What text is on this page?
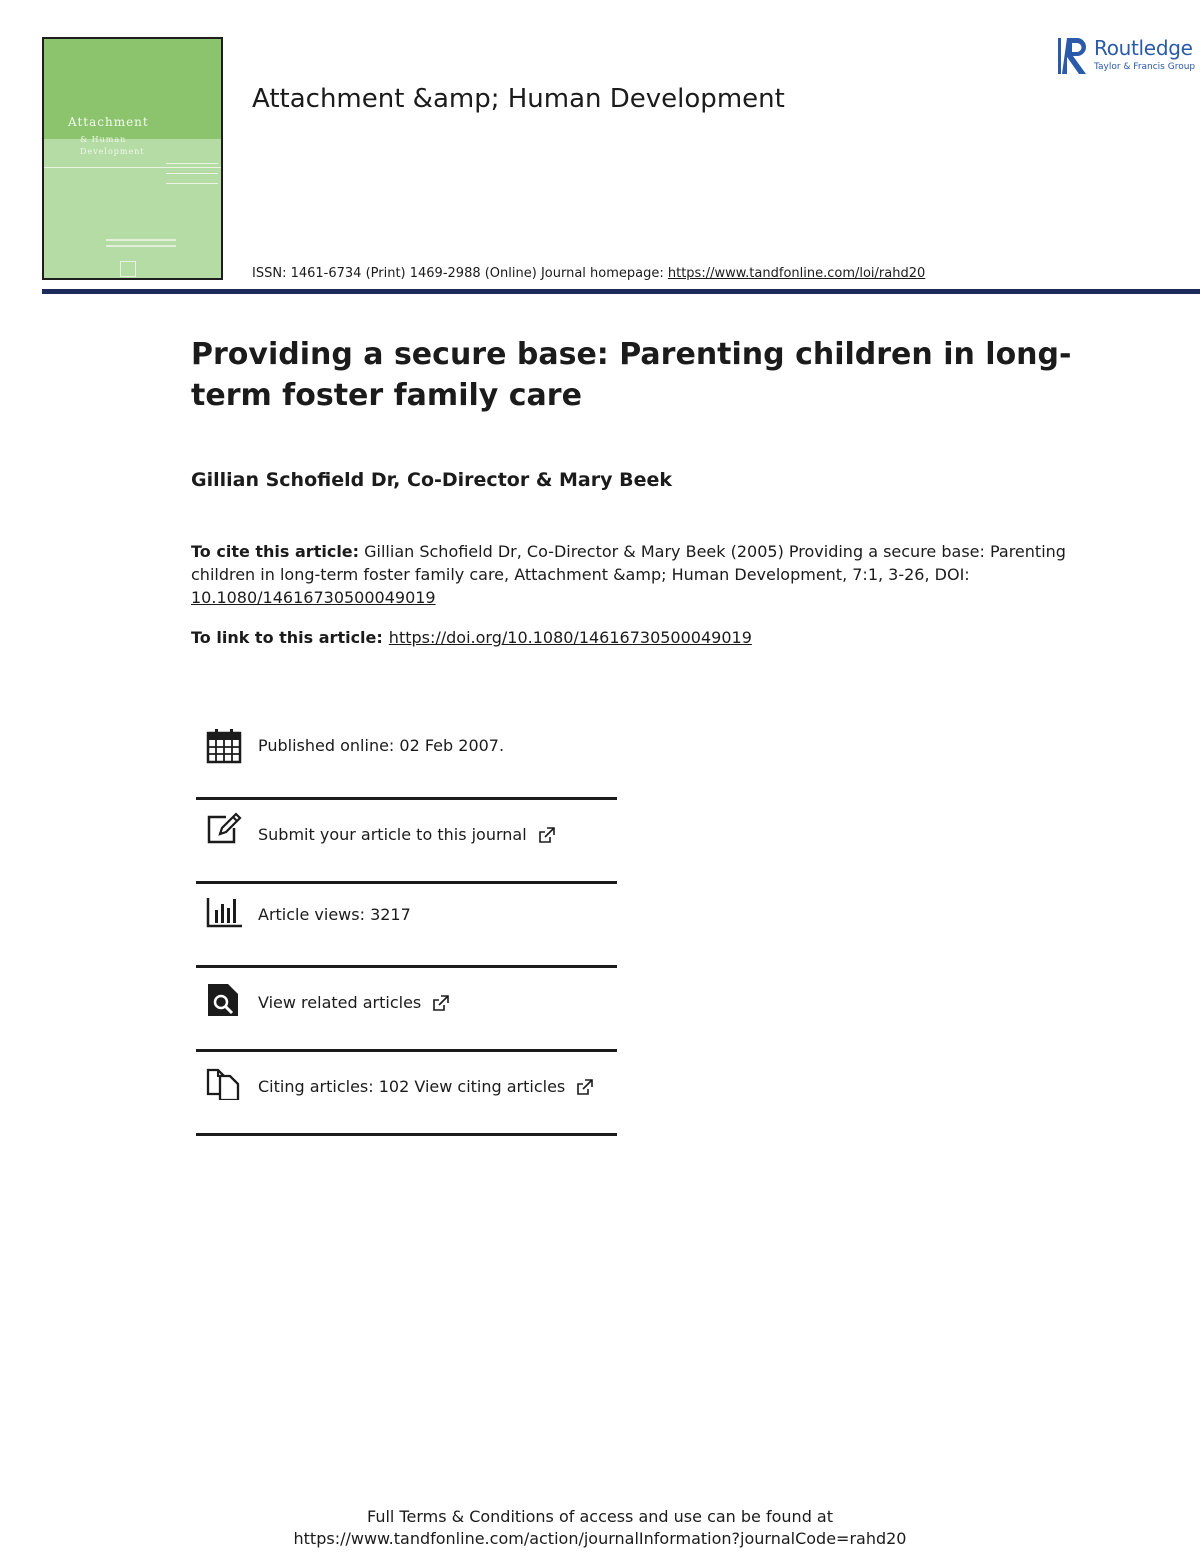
Attachment
& Human
Development
Attachment &amp; Human Development
Routledge
Taylor & Francis Group
ISSN: 1461-6734 (Print) 1469-2988 (Online) Journal homepage: https://www.tandfonline.com/loi/rahd20
Providing a secure base: Parenting children in long-term foster family care
Gillian Schofield Dr, Co-Director & Mary Beek
To cite this article: Gillian Schofield Dr, Co-Director & Mary Beek (2005) Providing a secure base: Parenting children in long-term foster family care, Attachment &amp; Human Development, 7:1, 3-26, DOI: 10.1080/14616730500049019
To link to this article: https://doi.org/10.1080/14616730500049019
Published online: 02 Feb 2007.
Submit your article to this journal
Article views: 3217
View related articles
Citing articles: 102 View citing articles
Full Terms & Conditions of access and use can be found at
https://www.tandfonline.com/action/journalInformation?journalCode=rahd20
